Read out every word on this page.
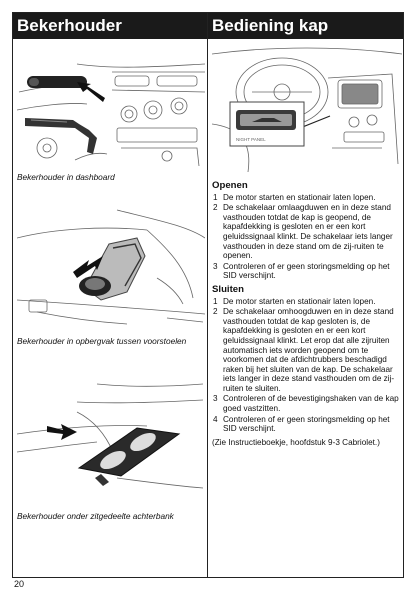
Bekerhouder	Bediening kap
Bekerhouder in dashboard
Bekerhouder in opbergvak tussen voorstoelen
Bekerhouder onder zitgedeelte achterbank
NIGHT PANEL
Openen
1 De motor starten en stationair laten lopen.
2 De schakelaar omlaagduwen en in deze stand vasthouden totdat de kap is geopend, de kapafdekking is gesloten en er een kort geluidssignaal klinkt. De schakelaar iets langer vasthouden in deze stand om de zij-ruiten te openen.
3 Controleren of er geen storingsmelding op het SID verschijnt.
Sluiten
1 De motor starten en stationair laten lopen.
2 De schakelaar omhoogduwen en in deze stand vasthouden totdat de kap gesloten is, de kapafdekking is gesloten en er een kort geluidssignaal klinkt. Let erop dat alle zijruiten automatisch iets worden geopend om te voorkomen dat de afdichtrubbers beschadigd raken bij het sluiten van de kap. De schakelaar iets langer in deze stand vasthouden om de zij-ruiten te sluiten.
3 Controleren of de bevestigingshaken van de kap goed vastzitten.
4 Controleren of er geen storingsmelding op het SID verschijnt.
(Zie Instructieboekje, hoofdstuk 9-3 Cabriolet.)
20
